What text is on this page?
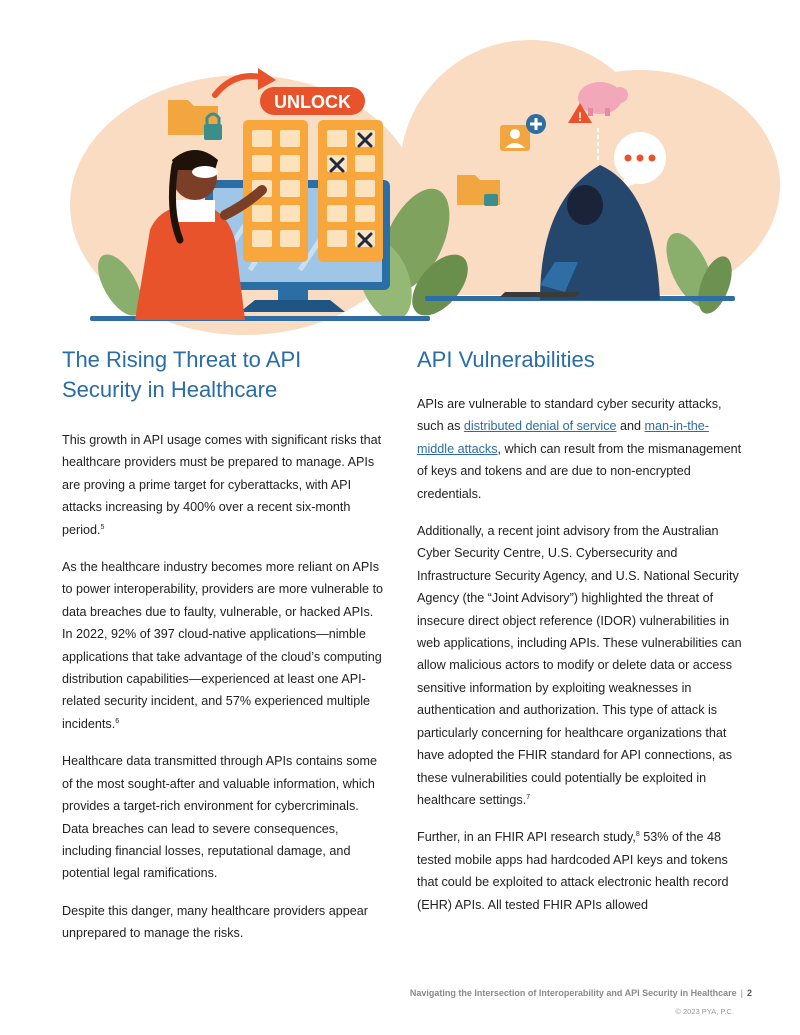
UNLOCK
!
The Rising Threat to API Security in Healthcare

This growth in API usage comes with significant risks that healthcare providers must be prepared to manage. APIs are proving a prime target for cyberattacks, with API attacks increasing by 400% over a recent six-month period.$^5$

As the healthcare industry becomes more reliant on APIs to power interoperability, providers are more vulnerable to data breaches due to faulty, vulnerable, or hacked APIs. In 2022, 92% of 397 cloud-native applications—nimble applications that take advantage of the cloud’s computing distribution capabilities—experienced at least one API-related security incident, and 57% experienced multiple incidents.$^6$

Healthcare data transmitted through APIs contains some of the most sought-after and valuable information, which provides a target-rich environment for cybercriminals. Data breaches can lead to severe consequences, including financial losses, reputational damage, and potential legal ramifications.

Despite this danger, many healthcare providers appear unprepared to manage the risks.

API Vulnerabilities

APIs are vulnerable to standard cyber security attacks, such as distributed denial of service and man-in-the-middle attacks, which can result from the mismanagement of keys and tokens and are due to non-encrypted credentials.

Additionally, a recent joint advisory from the Australian Cyber Security Centre, U.S. Cybersecurity and Infrastructure Security Agency, and U.S. National Security Agency (the “Joint Advisory”) highlighted the threat of insecure direct object reference (IDOR) vulnerabilities in web applications, including APIs. These vulnerabilities can allow malicious actors to modify or delete data or access sensitive information by exploiting weaknesses in authentication and authorization. This type of attack is particularly concerning for healthcare organizations that have adopted the FHIR standard for API connections, as these vulnerabilities could potentially be exploited in healthcare settings.$^7$

Further, in an FHIR API research study,$^8$ 53% of the 48 tested mobile apps had hardcoded API keys and tokens that could be exploited to attack electronic health record (EHR) APIs. All tested FHIR APIs allowed

Navigating the Intersection of Interoperability and API Security in Healthcare | 2
© 2023 PYA, P.C.
